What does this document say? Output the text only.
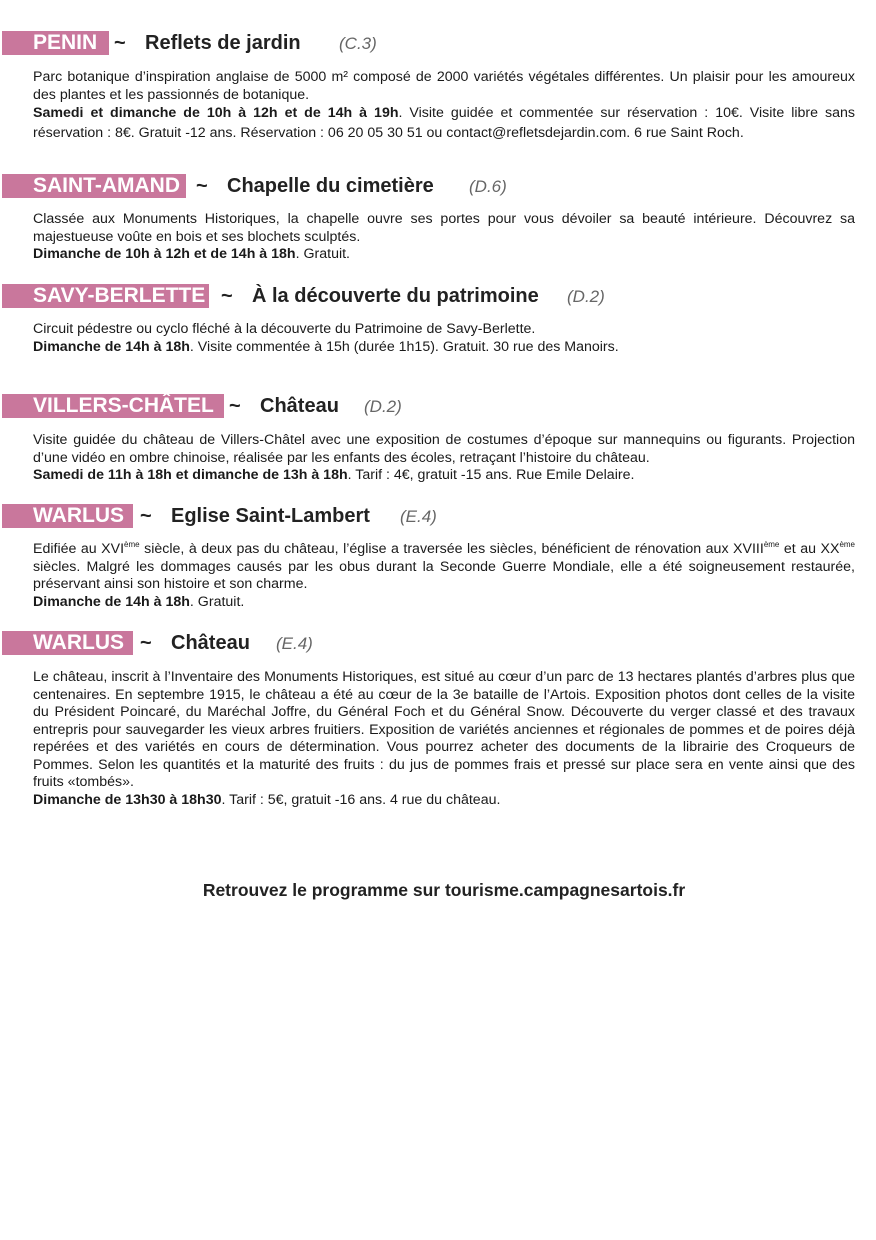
PENIN ~ Reflets de jardin (C.3)

Parc botanique d’inspiration anglaise de 5000 m² composé de 2000 variétés végétales différentes. Un plaisir pour les amoureux des plantes et les passionnés de botanique.

Samedi et dimanche de 10h à 12h et de 14h à 19h. Visite guidée et commentée sur réservation : 10€. Visite libre sans réservation : 8€. Gratuit -12 ans. Réservation : 06 20 05 30 51 ou contact@refletsdejardin.com. 6 rue Saint Roch.

SAINT-AMAND ~ Chapelle du cimetière (D.6)

Classée aux Monuments Historiques, la chapelle ouvre ses portes pour vous dévoiler sa beauté intérieure. Découvrez sa majestueuse voûte en bois et ses blochets sculptés.

Dimanche de 10h à 12h et de 14h à 18h. Gratuit.

SAVY-BERLETTE ~ À la découverte du patrimoine (D.2)

Circuit pédestre ou cyclo fléché à la découverte du Patrimoine de Savy-Berlette.

Dimanche de 14h à 18h. Visite commentée à 15h (durée 1h15). Gratuit. 30 rue des Manoirs.

VILLERS-CHÂTEL ~ Château (D.2)

Visite guidée du château de Villers-Châtel avec une exposition de costumes d’époque sur mannequins ou figurants. Projection d’une vidéo en ombre chinoise, réalisée par les enfants des écoles, retraçant l’histoire du château.

Samedi de 11h à 18h et dimanche de 13h à 18h. Tarif : 4€, gratuit -15 ans. Rue Emile Delaire.

WARLUS ~ Eglise Saint-Lambert (E.4)

Edifiée au XVIème siècle, à deux pas du château, l’église a traversée les siècles, bénéficient de rénovation aux XVIIIème et au XXème siècles. Malgré les dommages causés par les obus durant la Seconde Guerre Mondiale, elle a été soigneusement restaurée, préservant ainsi son histoire et son charme.

Dimanche de 14h à 18h. Gratuit.

WARLUS ~ Château (E.4)

Le château, inscrit à l’Inventaire des Monuments Historiques, est situé au cœur d’un parc de 13 hectares plantés d’arbres plus que centenaires. En septembre 1915, le château a été au cœur de la 3e bataille de l’Artois. Exposition photos dont celles de la visite du Président Poincaré, du Maréchal Joffre, du Général Foch et du Général Snow. Découverte du verger classé et des travaux entrepris pour sauvegarder les vieux arbres fruitiers. Exposition de variétés anciennes et régionales de pommes et de poires déjà repérées et des variétés en cours de détermination. Vous pourrez acheter des documents de la librairie des Croqueurs de Pommes. Selon les quantités et la maturité des fruits : du jus de pommes frais et pressé sur place sera en vente ainsi que des fruits «tombés».

Dimanche de 13h30 à 18h30. Tarif : 5€, gratuit -16 ans. 4 rue du château.

Retrouvez le programme sur tourisme.campagnesartois.fr
